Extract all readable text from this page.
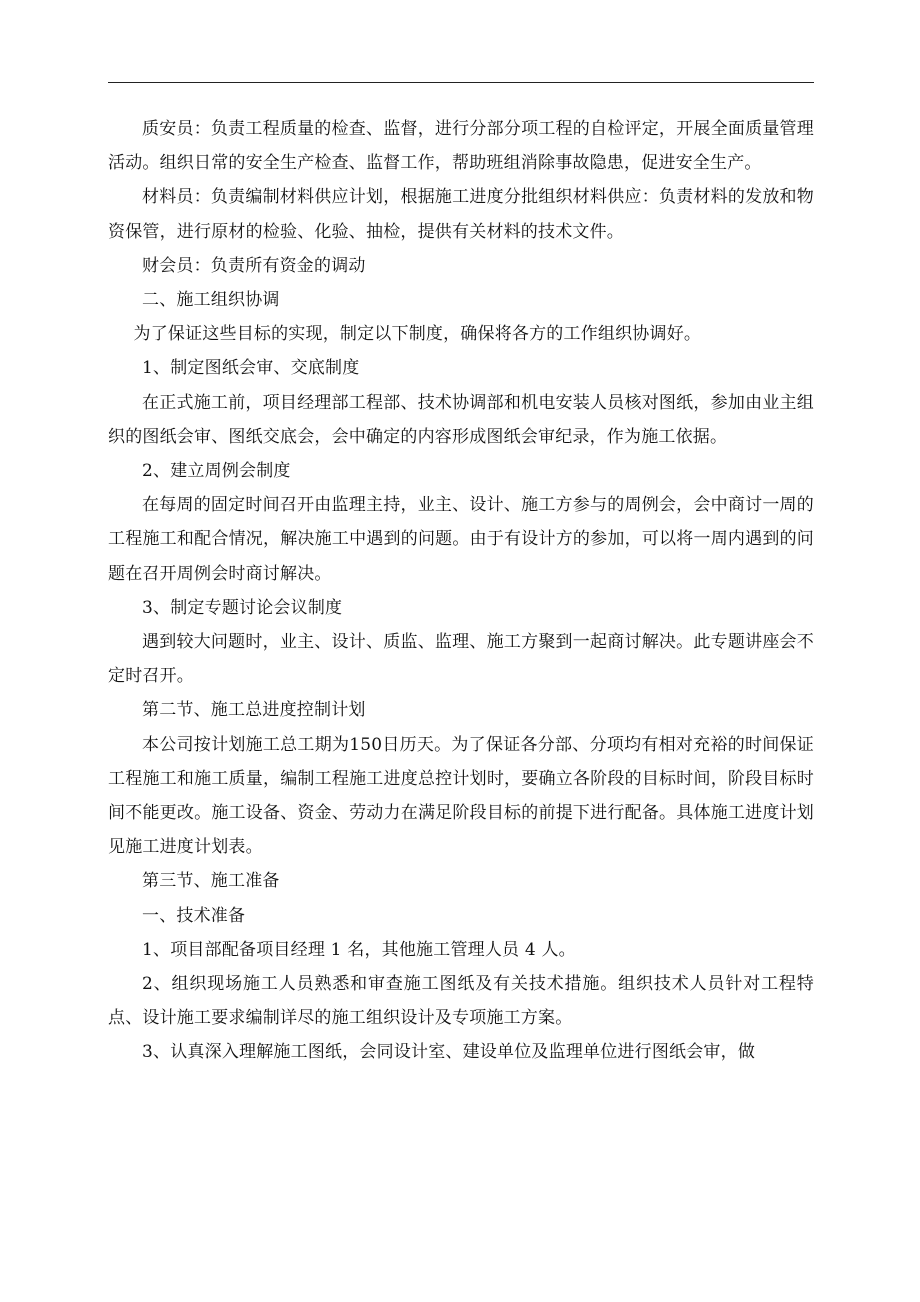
质安员：负责工程质量的检查、监督，进行分部分项工程的自检评定，开展全面质量管理活动。组织日常的安全生产检查、监督工作，帮助班组消除事故隐患，促进安全生产。

材料员：负责编制材料供应计划，根据施工进度分批组织材料供应：负责材料的发放和物资保管，进行原材的检验、化验、抽检，提供有关材料的技术文件。

财会员：负责所有资金的调动

二、施工组织协调

为了保证这些目标的实现，制定以下制度，确保将各方的工作组织协调好。

1、制定图纸会审、交底制度

在正式施工前，项目经理部工程部、技术协调部和机电安装人员核对图纸，参加由业主组织的图纸会审、图纸交底会，会中确定的内容形成图纸会审纪录，作为施工依据。

2、建立周例会制度

在每周的固定时间召开由监理主持，业主、设计、施工方参与的周例会，会中商讨一周的工程施工和配合情况，解决施工中遇到的问题。由于有设计方的参加，可以将一周内遇到的问题在召开周例会时商讨解决。

3、制定专题讨论会议制度

遇到较大问题时，业主、设计、质监、监理、施工方聚到一起商讨解决。此专题讲座会不定时召开。

第二节、施工总进度控制计划

本公司按计划施工总工期为150日历天。为了保证各分部、分项均有相对充裕的时间保证工程施工和施工质量，编制工程施工进度总控计划时，要确立各阶段的目标时间，阶段目标时间不能更改。施工设备、资金、劳动力在满足阶段目标的前提下进行配备。具体施工进度计划见施工进度计划表。

第三节、施工准备

一、技术准备

1、项目部配备项目经理 1 名，其他施工管理人员 4 人。

2、组织现场施工人员熟悉和审查施工图纸及有关技术措施。组织技术人员针对工程特点、设计施工要求编制详尽的施工组织设计及专项施工方案。

3、认真深入理解施工图纸，会同设计室、建设单位及监理单位进行图纸会审，做
